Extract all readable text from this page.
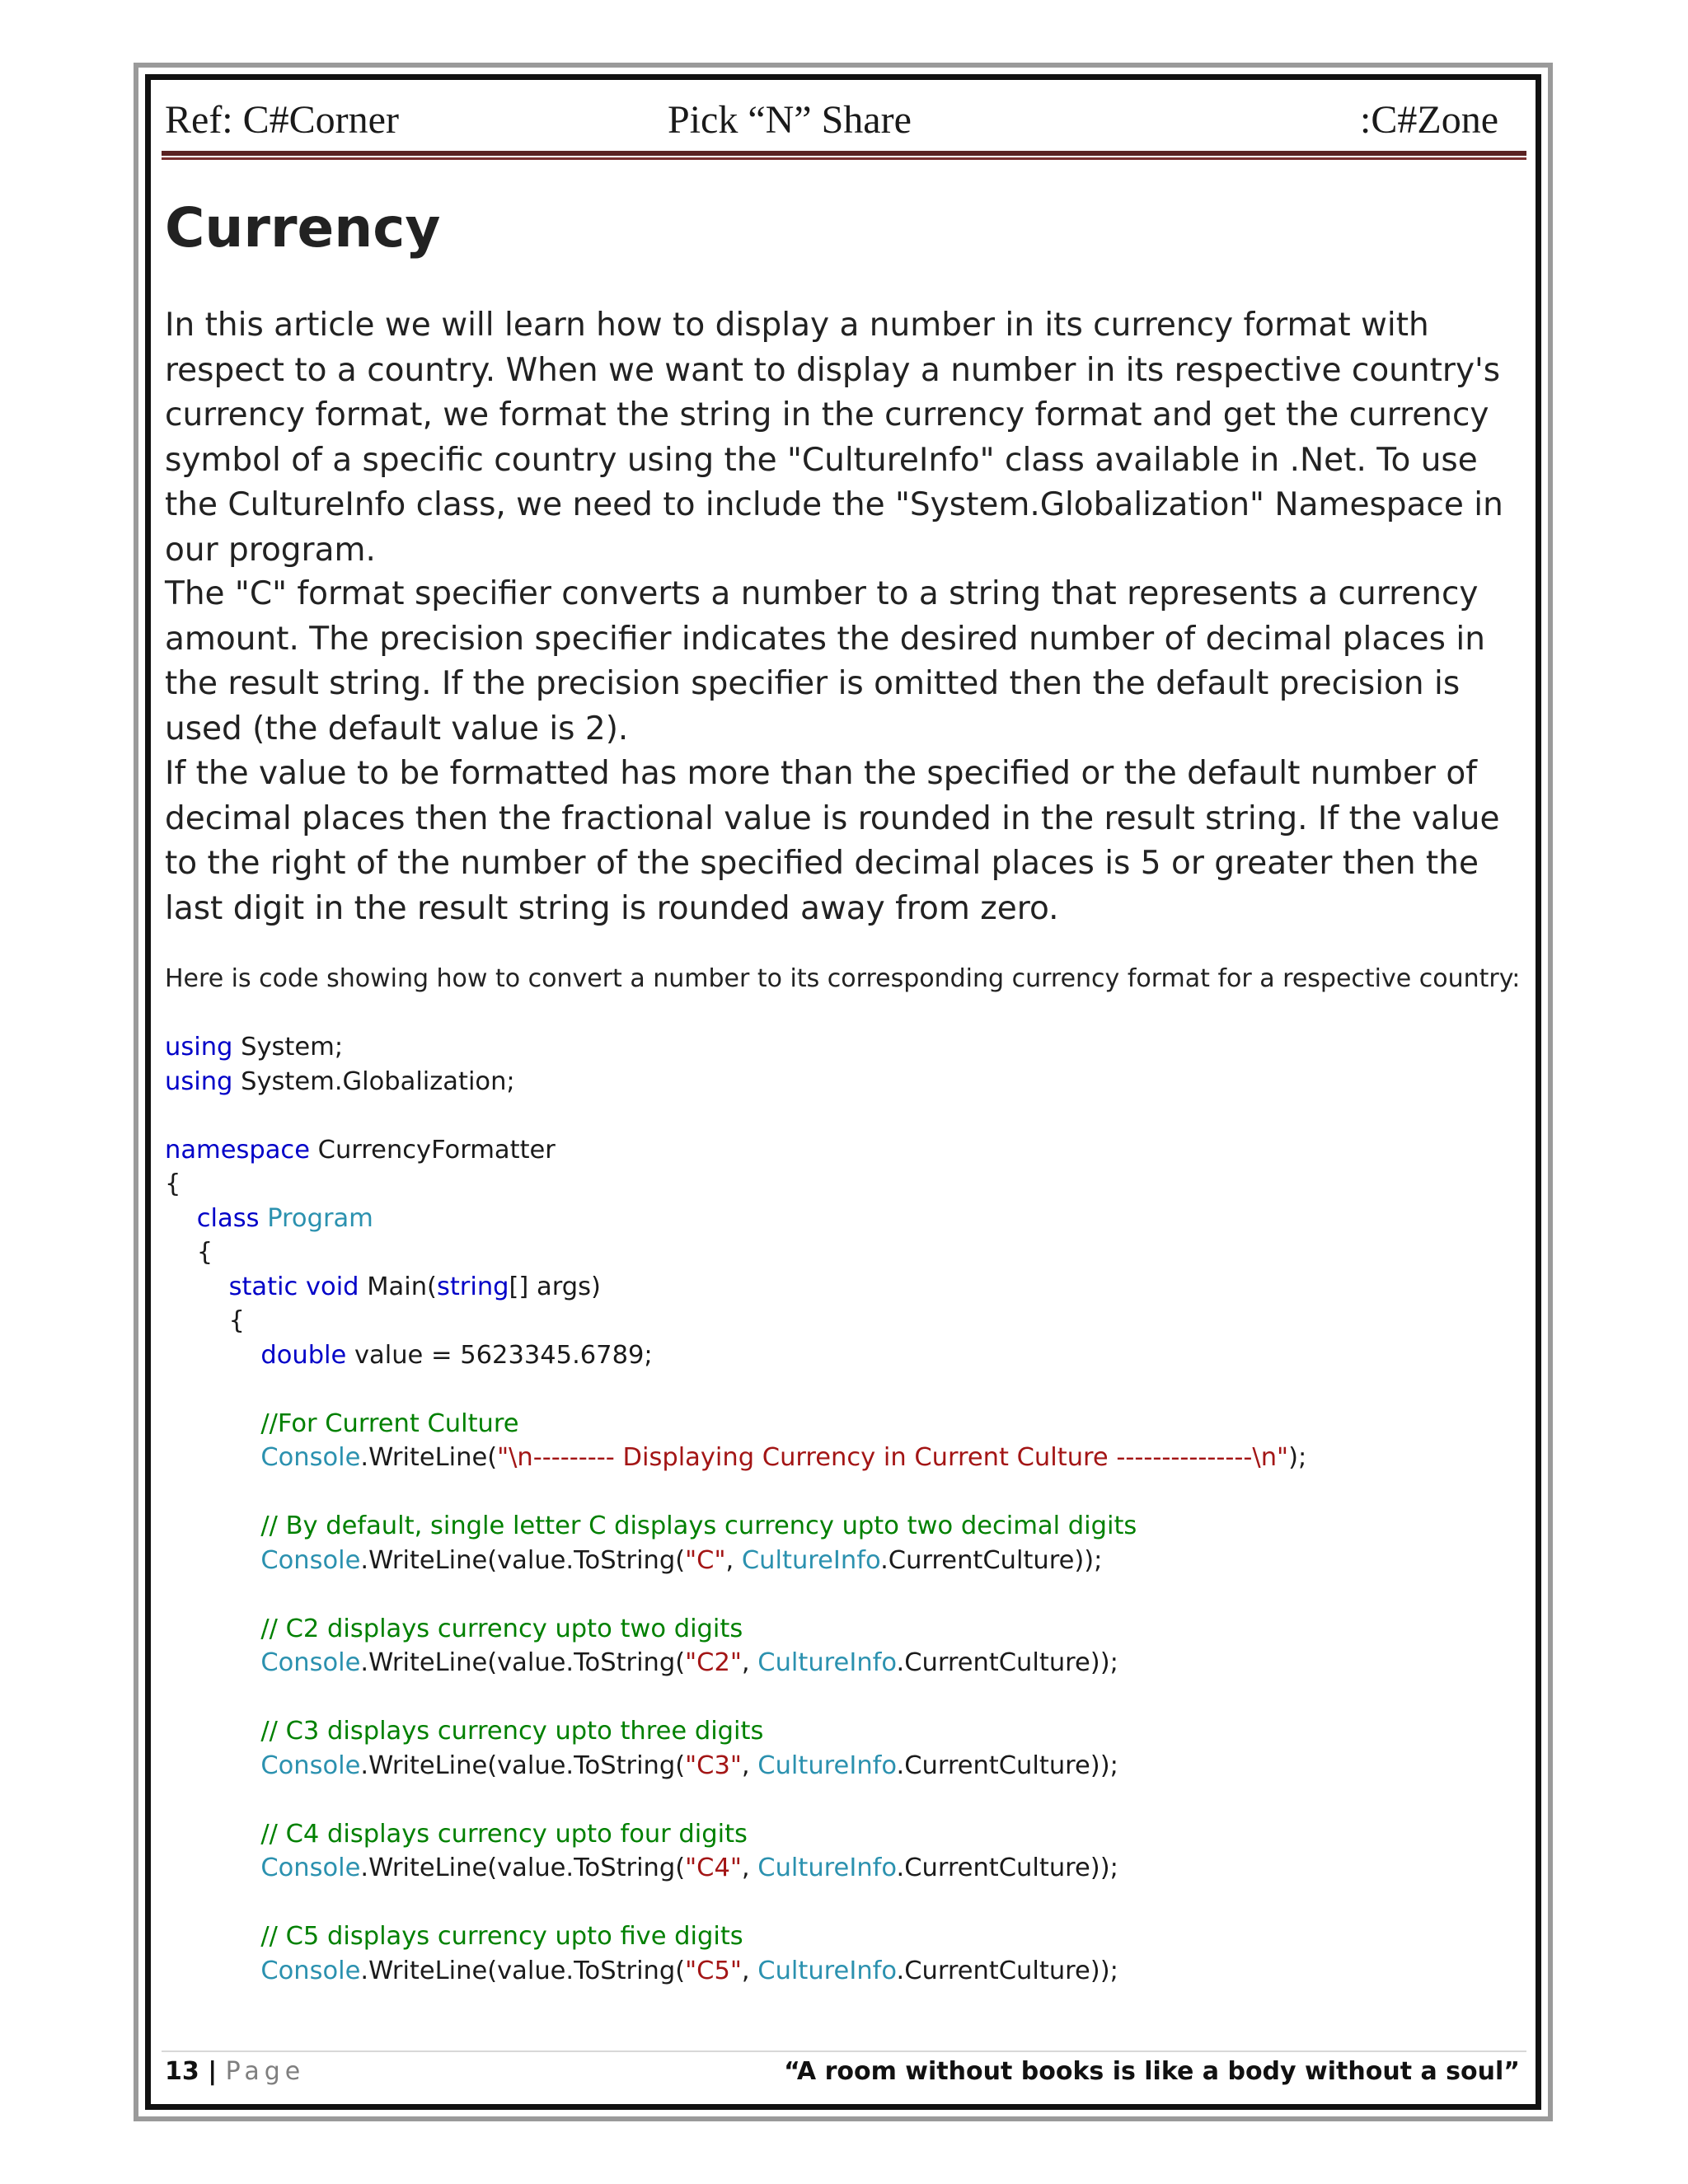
Ref: C#Corner	Pick “N” Share	:C#Zone
Currency

In this article we will learn how to display a number in its currency format with respect to a country. When we want to display a number in its respective country's currency format, we format the string in the currency format and get the currency symbol of a specific country using the "CultureInfo" class available in .Net. To use the CultureInfo class, we need to include the "System.Globalization" Namespace in our program.

The "C" format specifier converts a number to a string that represents a currency amount. The precision specifier indicates the desired number of decimal places in the result string. If the precision specifier is omitted then the default precision is used (the default value is 2).

If the value to be formatted has more than the specified or the default number of decimal places then the fractional value is rounded in the result string. If the value to the right of the number of the specified decimal places is 5 or greater then the last digit in the result string is rounded away from zero.

Here is code showing how to convert a number to its corresponding currency format for a respective country:

using System;
using System.Globalization;
namespace CurrencyFormatter
{
class Program
{
static void Main(string[] args)
{
double value = 5623345.6789;
//For Current Culture
Console.WriteLine("\n--------- Displaying Currency in Current Culture ---------------\n");
// By default, single letter C displays currency upto two decimal digits
Console.WriteLine(value.ToString("C", CultureInfo.CurrentCulture));
// C2 displays currency upto two digits
Console.WriteLine(value.ToString("C2", CultureInfo.CurrentCulture));
// C3 displays currency upto three digits
Console.WriteLine(value.ToString("C3", CultureInfo.CurrentCulture));
// C4 displays currency upto four digits
Console.WriteLine(value.ToString("C4", CultureInfo.CurrentCulture));
// C5 displays currency upto five digits
Console.WriteLine(value.ToString("C5", CultureInfo.CurrentCulture));
13 | Page	“A room without books is like a body without a soul”
